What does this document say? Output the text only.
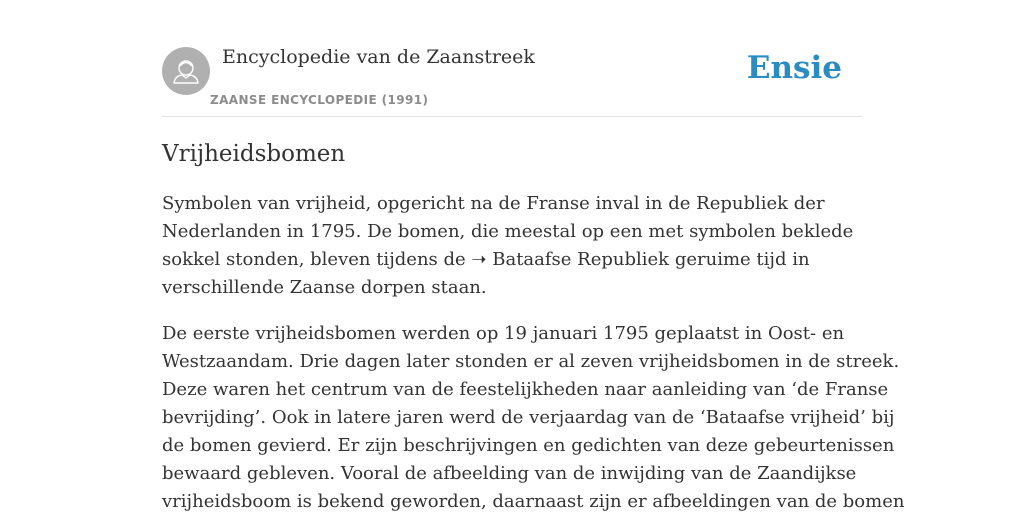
Encyclopedie van de Zaanstreek
ZAANSE ENCYCLOPEDIE (1991)
Ensie
Vrijheidsbomen

Symbolen van vrijheid, opgericht na de Franse inval in de Republiek der
Nederlanden in 1795. De bomen, die meestal op een met symbolen beklede
sokkel stonden, bleven tijdens de ➝ Bataafse Republiek geruime tijd in
verschillende Zaanse dorpen staan.

De eerste vrijheidsbomen werden op 19 januari 1795 geplaatst in Oost- en
Westzaandam. Drie dagen later stonden er al zeven vrijheidsbomen in de streek.
Deze waren het centrum van de feestelijkheden naar aanleiding van ‘de Franse
bevrijding’. Ook in latere jaren werd de verjaardag van de ‘Bataafse vrijheid’ bij
de bomen gevierd. Er zijn beschrijvingen en gedichten van deze gebeurtenissen
bewaard gebleven. Vooral de afbeelding van de inwijding van de Zaandijkse
vrijheidsboom is bekend geworden, daarnaast zijn er afbeeldingen van de bomen
